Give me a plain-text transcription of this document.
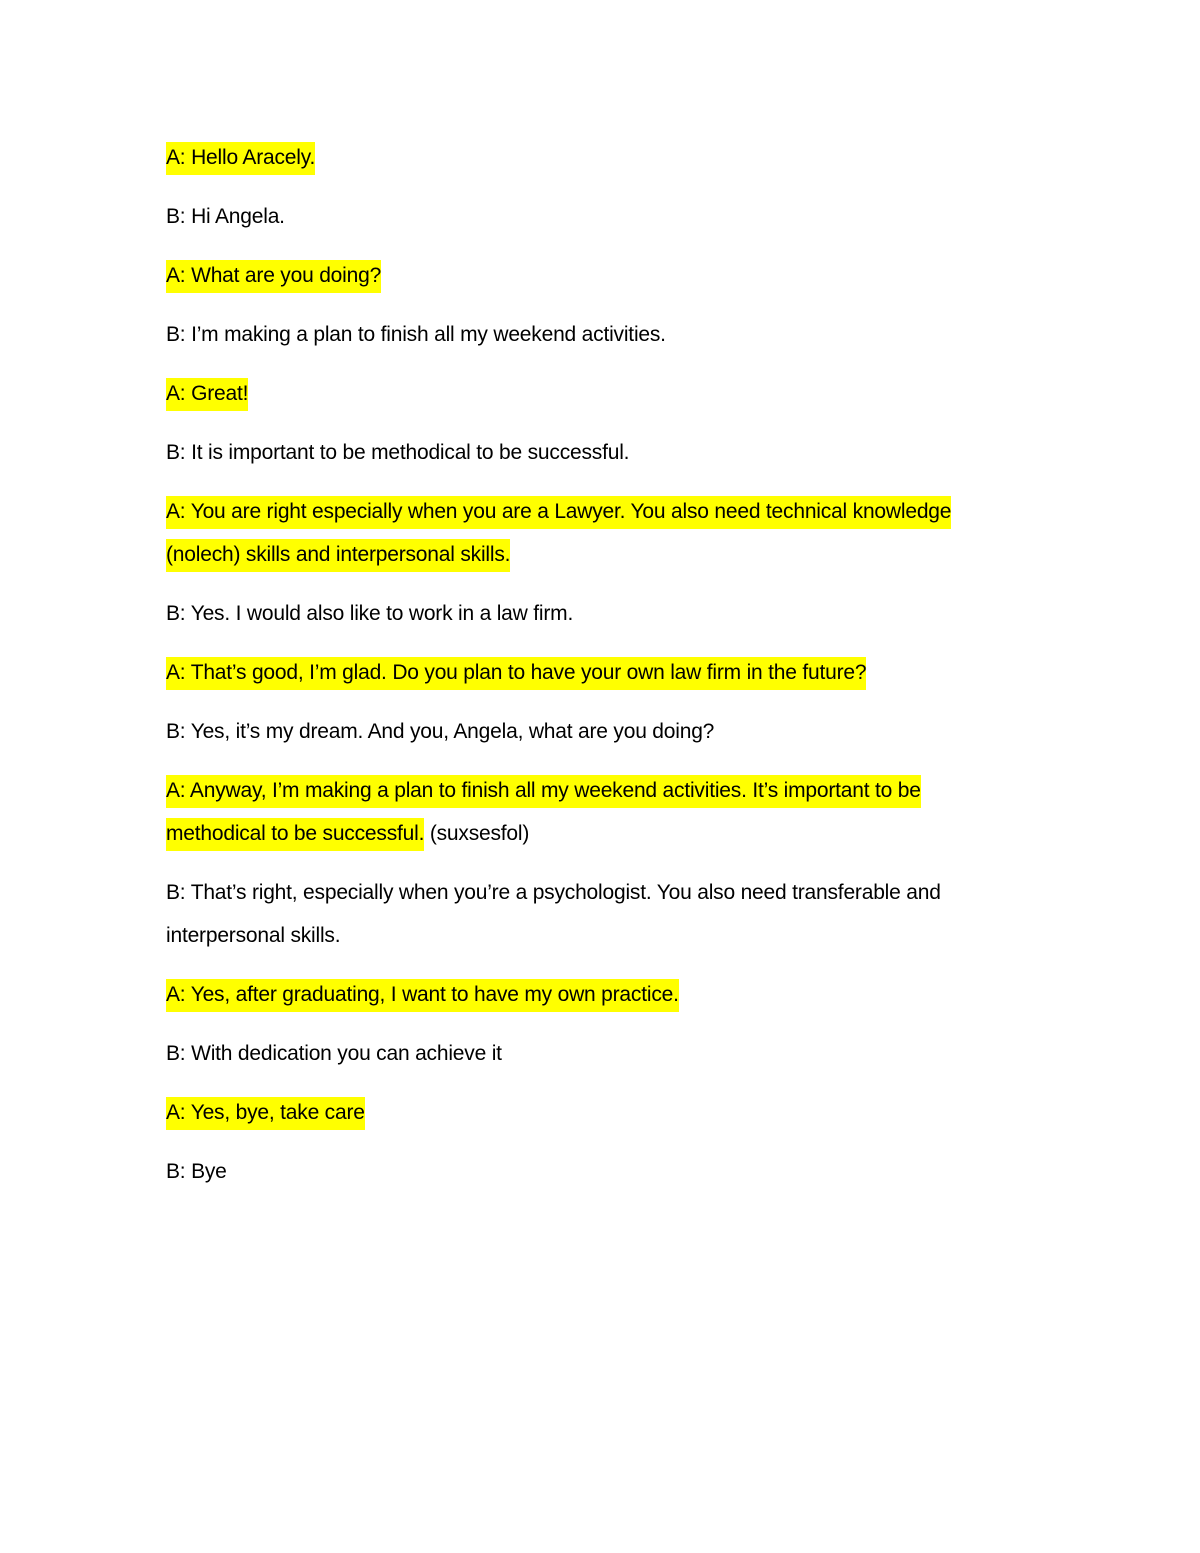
A: Hello Aracely.

B: Hi Angela.

A: What are you doing?

B: I’m making a plan to finish all my weekend activities.

A: Great!

B: It is important to be methodical to be successful.

A: You are right especially when you are a Lawyer. You also need technical knowledge (nolech) skills and interpersonal skills.

B: Yes. I would also like to work in a law firm.

A: That’s good, I’m glad. Do you plan to have your own law firm in the future?

B: Yes, it’s my dream. And you, Angela, what are you doing?

A: Anyway, I’m making a plan to finish all my weekend activities. It’s important to be methodical to be successful. (suxsesfol)

B: That’s right, especially when you’re a psychologist. You also need transferable and interpersonal skills.

A: Yes, after graduating, I want to have my own practice.

B: With dedication you can achieve it

A: Yes, bye, take care

B: Bye
